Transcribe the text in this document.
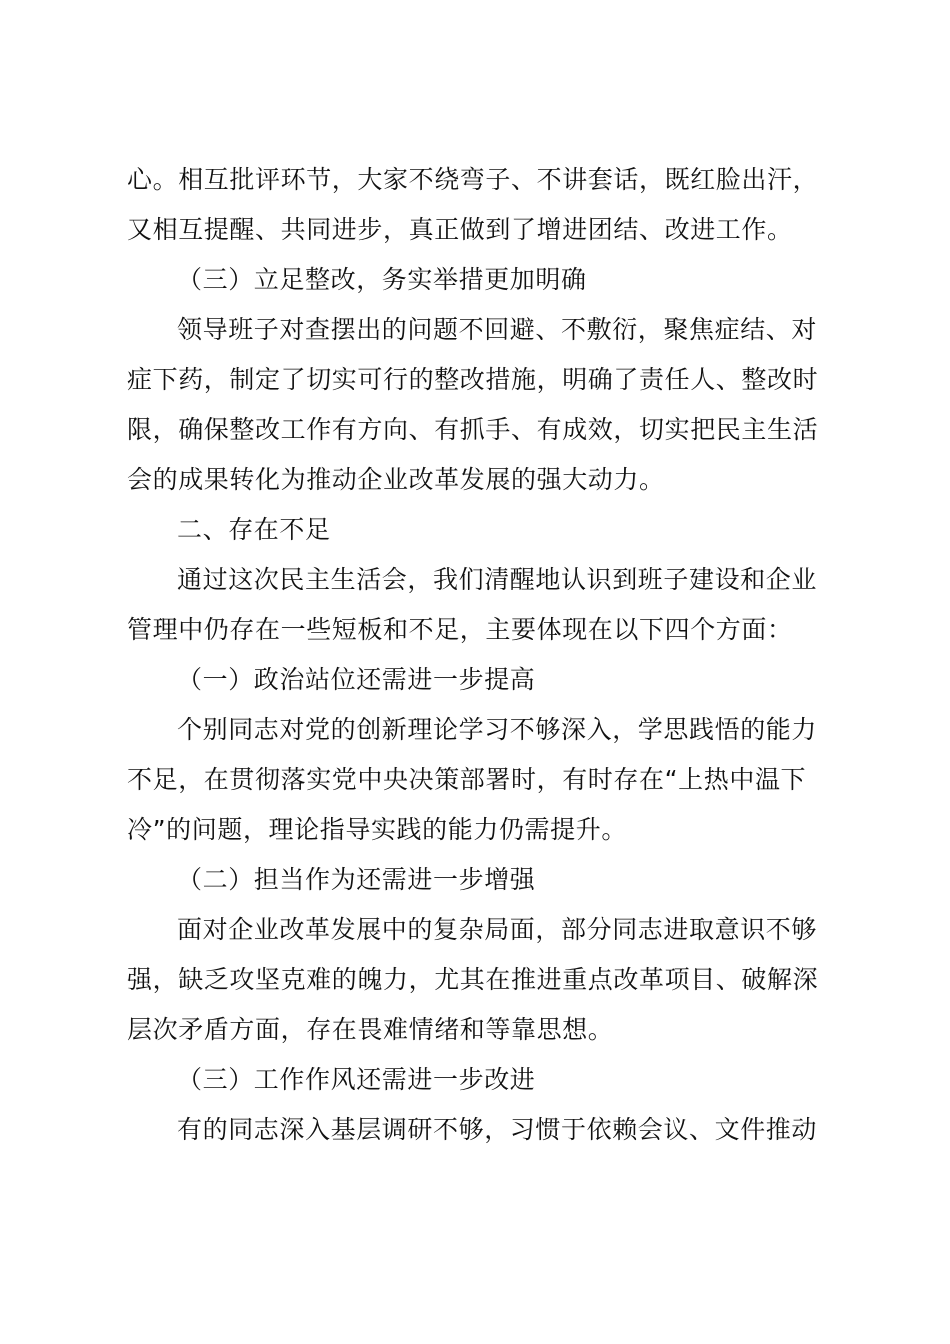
心。相互批评环节，大家不绕弯子、不讲套话，既红脸出汗，
又相互提醒、共同进步，真正做到了增进团结、改进工作。
（三）立足整改，务实举措更加明确
领导班子对查摆出的问题不回避、不敷衍，聚焦症结、对
症下药，制定了切实可行的整改措施，明确了责任人、整改时
限，确保整改工作有方向、有抓手、有成效，切实把民主生活
会的成果转化为推动企业改革发展的强大动力。
二、存在不足
通过这次民主生活会，我们清醒地认识到班子建设和企业
管理中仍存在一些短板和不足，主要体现在以下四个方面：
（一）政治站位还需进一步提高
个别同志对党的创新理论学习不够深入，学思践悟的能力
不足，在贯彻落实党中央决策部署时，有时存在“上热中温下
冷”的问题，理论指导实践的能力仍需提升。
（二）担当作为还需进一步增强
面对企业改革发展中的复杂局面，部分同志进取意识不够
强，缺乏攻坚克难的魄力，尤其在推进重点改革项目、破解深
层次矛盾方面，存在畏难情绪和等靠思想。
（三）工作作风还需进一步改进
有的同志深入基层调研不够，习惯于依赖会议、文件推动
